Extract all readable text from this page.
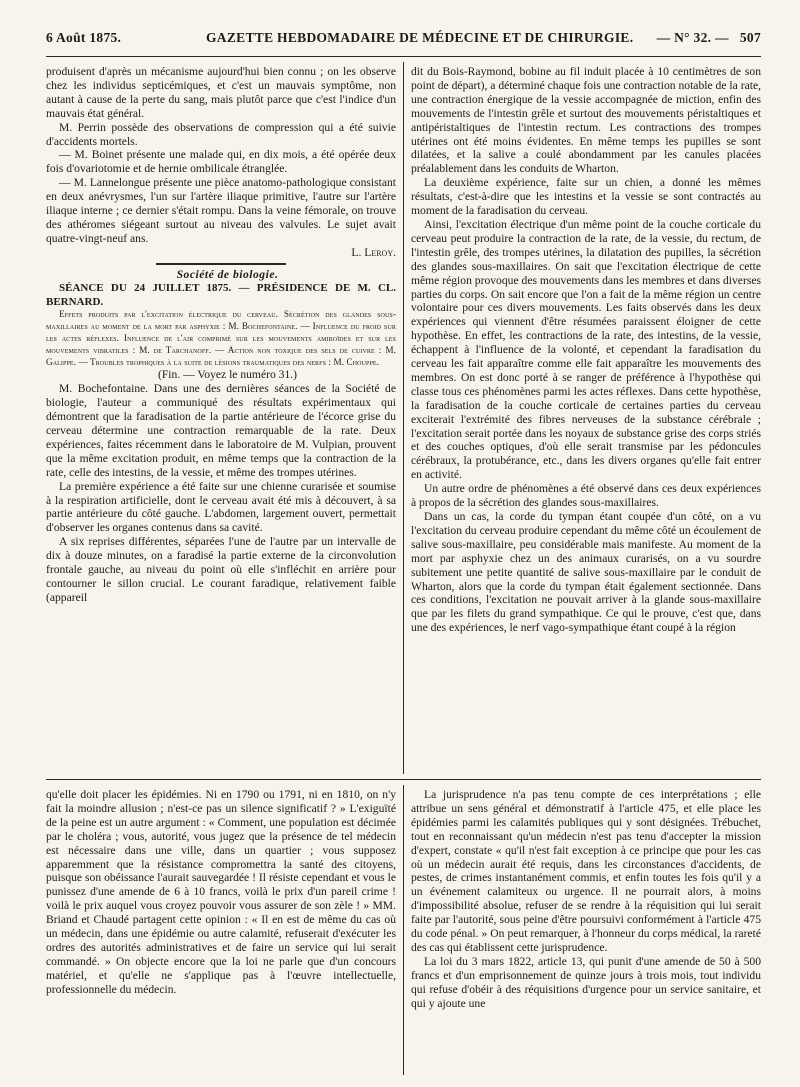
6 Août 1875.	GAZETTE HEBDOMADAIRE DE MÉDECINE ET DE CHIRURGIE. — N° 32. — 507

produisent d'après un mécanisme aujourd'hui bien connu ; on les observe chez les individus septicémiques, et c'est un mauvais symptôme, non autant à cause de la perte du sang, mais plutôt parce que c'est l'indice d'un mauvais état général.

M. Perrin possède des observations de compression qui a été suivie d'accidents mortels.

— M. Boinet présente une malade qui, en dix mois, a été opérée deux fois d'ovariotomie et de hernie ombilicale étranglée.

— M. Lannelongue présente une pièce anatomo-pathologique consistant en deux anévrysmes, l'un sur l'artère iliaque primitive, l'autre sur l'artère iliaque interne ; ce dernier s'était rompu. Dans la veine fémorale, on trouve des athéromes siégeant surtout au niveau des valvules. Le sujet avait quatre-vingt-neuf ans.

L. Leroy.

Société de biologie.

SÉANCE DU 24 JUILLET 1875. — PRÉSIDENCE DE M. CL. BERNARD.

Effets produits par l'excitation électrique du cerveau. Sécrétion des glandes sous-maxillaires au moment de la mort par asphyxie : M. Bochefontaine. — Influence du froid sur les actes réflexes. Influence de l'air comprimé sur les mouvements amiboïdes et sur les mouvements vibratiles : M. de Tarchanoff. — Action non toxique des sels de cuivre : M. Galippe. — Troubles trophiques à la suite de lésions traumatiques des nerfs : M. Chouppe.

(Fin. — Voyez le numéro 31.)

M. Bochefontaine. Dans une des dernières séances de la Société de biologie, l'auteur a communiqué des résultats expérimentaux qui démontrent que la faradisation de la partie antérieure de l'écorce grise du cerveau détermine une contraction remarquable de la rate. Deux expériences, faites récemment dans le laboratoire de M. Vulpian, prouvent que la même excitation produit, en même temps que la contraction de la rate, celle des intestins, de la vessie, et même des trompes utérines.

La première expérience a été faite sur une chienne curarisée et soumise à la respiration artificielle, dont le cerveau avait été mis à découvert, à sa partie antérieure du côté gauche. L'abdomen, largement ouvert, permettait d'observer les organes contenus dans sa cavité.

A six reprises différentes, séparées l'une de l'autre par un intervalle de dix à douze minutes, on a faradisé la partie externe de la circonvolution frontale gauche, au niveau du point où elle s'infléchit en arrière pour contourner le sillon crucial. Le courant faradique, relativement faible (appareil

dit du Bois-Raymond, bobine au fil induit placée à 10 centimètres de son point de départ), a déterminé chaque fois une contraction notable de la rate, une contraction énergique de la vessie accompagnée de miction, enfin des mouvements de l'intestin grêle et surtout des mouvements péristaltiques et antipéristaltiques de l'intestin rectum. Les contractions des trompes utérines ont été moins évidentes. En même temps les pupilles se sont dilatées, et la salive a coulé abondamment par les canules placées préalablement dans les conduits de Wharton.

La deuxième expérience, faite sur un chien, a donné les mêmes résultats, c'est-à-dire que les intestins et la vessie se sont contractés au moment de la faradisation du cerveau.

Ainsi, l'excitation électrique d'un même point de la couche corticale du cerveau peut produire la contraction de la rate, de la vessie, du rectum, de l'intestin grêle, des trompes utérines, la dilatation des pupilles, la sécrétion des glandes sous-maxillaires. On sait que l'excitation électrique de cette même région provoque des mouvements dans les membres et dans diverses parties du corps. On sait encore que l'on a fait de la même région un centre volontaire pour ces divers mouvements. Les faits observés dans les deux expériences qui viennent d'être résumées paraissent éloigner de cette hypothèse. En effet, les contractions de la rate, des intestins, de la vessie, échappent à l'influence de la volonté, et cependant la faradisation du cerveau les fait apparaître comme elle fait apparaître les mouvements des membres. On est donc porté à se ranger de préférence à l'hypothèse qui classe tous ces phénomènes parmi les actes réflexes. Dans cette hypothèse, la faradisation de la couche corticale de certaines parties du cerveau exciterait l'extrémité des fibres nerveuses de la substance cérébrale ; l'excitation serait portée dans les noyaux de substance grise des corps striés et des couches optiques, d'où elle serait transmise par les pédoncules cérébraux, la protubérance, etc., dans les divers organes qu'elle fait entrer en activité.

Un autre ordre de phénomènes a été observé dans ces deux expériences à propos de la sécrétion des glandes sous-maxillaires.

Dans un cas, la corde du tympan étant coupée d'un côté, on a vu l'excitation du cerveau produire cependant du même côté un écoulement de salive sous-maxillaire, peu considérable mais manifeste. Au moment de la mort par asphyxie chez un des animaux curarisés, on a vu sourdre subitement une petite quantité de salive sous-maxillaire par le conduit de Wharton, alors que la corde du tympan était également sectionnée. Dans ces conditions, l'excitation ne pouvait arriver à la glande sous-maxillaire que par les filets du grand sympathique. Ce qui le prouve, c'est que, dans une des expériences, le nerf vago-sympathique étant coupé à la région

qu'elle doit placer les épidémies. Ni en 1790 ou 1791, ni en 1810, on n'y fait la moindre allusion ; n'est-ce pas un silence significatif ? » L'exiguïté de la peine est un autre argument : « Comment, une population est décimée par le choléra ; vous, autorité, vous jugez que la présence de tel médecin est nécessaire dans une ville, dans un quartier ; vous supposez apparemment que la résistance compromettra la santé des citoyens, puisque son obéissance l'aurait sauvegardée ! Il résiste cependant et vous le punissez d'une amende de 6 à 10 francs, voilà le prix d'un pareil crime ! voilà le prix auquel vous croyez pouvoir vous assurer de son zèle ! » MM. Briand et Chaudé partagent cette opinion : « Il en est de même du cas où un médecin, dans une épidémie ou autre calamité, refuserait d'exécuter les ordres des autorités administratives et de faire un service qui lui serait commandé. » On objecte encore que la loi ne parle que d'un concours matériel, et qu'elle ne s'applique pas à l'œuvre intellectuelle, professionnelle du médecin.

La jurisprudence n'a pas tenu compte de ces interprétations ; elle attribue un sens général et démonstratif à l'article 475, et elle place les épidémies parmi les calamités publiques qui y sont désignées. Trébuchet, tout en reconnaissant qu'un médecin n'est pas tenu d'accepter la mission d'expert, constate « qu'il n'est fait exception à ce principe que pour les cas où un médecin aurait été requis, dans les circonstances d'accidents, de pestes, de crimes instantanément commis, et enfin toutes les fois qu'il y a un événement calamiteux ou urgence. Il ne pourrait alors, à moins d'impossibilité absolue, refuser de se rendre à la réquisition qui lui serait faite par l'autorité, sous peine d'être poursuivi conformément à l'article 475 du code pénal. » On peut remarquer, à l'honneur du corps médical, la rareté des cas qui établissent cette jurisprudence.

La loi du 3 mars 1822, article 13, qui punit d'une amende de 50 à 500 francs et d'un emprisonnement de quinze jours à trois mois, tout individu qui refuse d'obéir à des réquisitions d'urgence pour un service sanitaire, et qui y ajoute une
